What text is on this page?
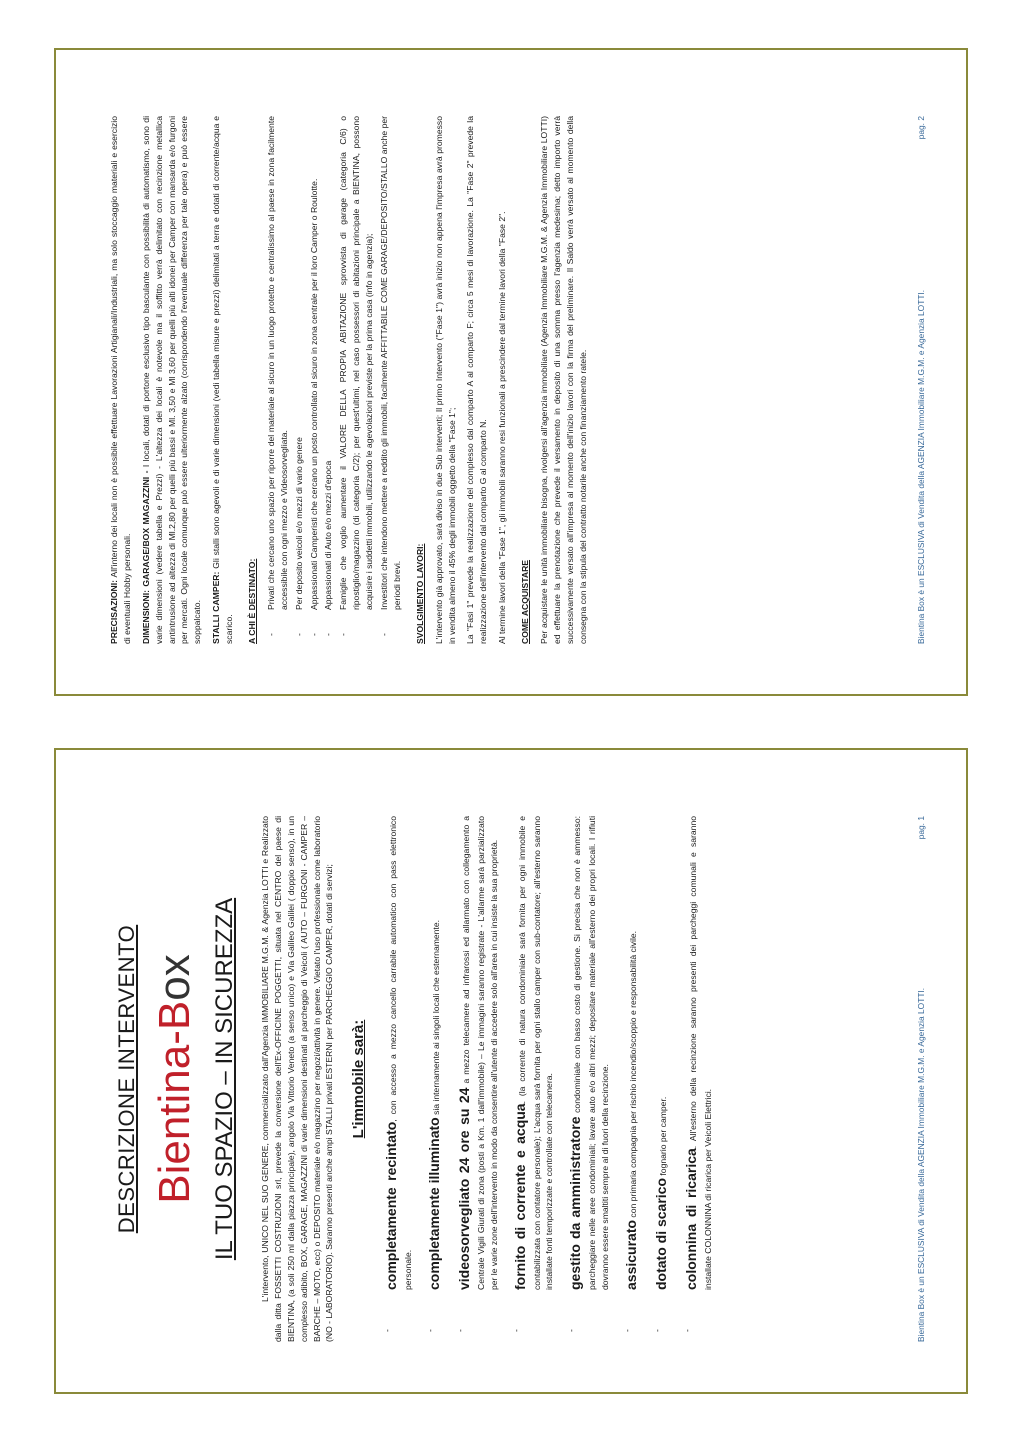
PRECISAZIONI: All'interno dei locali non è possibile effettuare Lavorazioni Artigianali/Industriali, ma solo stoccaggio materiali e esercizio di eventuali Hobby personali. DIMENSIONI: GARAGE/BOX MAGAZZINI - I locali, dotati di portone esclusivo tipo basculante con possibilità di automatismo, sono di varie dimensioni (vedere tabella e Prezzi) - L'altezza dei locali è notevole ma il soffitto verrà delimitato con recinzione metallica antintrusione ad altezza di Ml.2,80 per quelli più bassi e Ml. 3,50 e Ml 3,60 per quelli più alti idonei per Camper con mansarda e/o furgoni per mercati. Ogni locale comunque può essere ulteriormente alzato (corrispondendo l'eventuale differenza per tale opera) e può essere soppalcato. STALLI CAMPER: Gli stalli sono agevoli e di varie dimensioni (vedi tabella misure e prezzi) delimitati a terra e dotati di corrente/acqua e scarico. A CHI È DESTINATO: - Privati che cercano uno spazio per riporre del materiale al sicuro in un luogo protetto e centralissimo al paese in zona facilmente accessibile con ogni mezzo e Videosorvegliata. - Per deposito veicoli e/o mezzi di vario genere - Appassionati Camperisti che cercano un posto controllato al sicuro in zona centrale per il loro Camper o Roulotte. - Appassionati di Auto e/o mezzi d'epoca - Famiglie che voglio aumentare il VALORE DELLA PROPIA ABITAZIONE sprovvista di garage (categoria C/6) o ripostiglio/magazzino (di categoria C/2); per quest'ultimi, nel caso possessori di abitazioni principale a BIENTINA, possono acquisire i suddetti immobili, utilizzando le agevolazioni previste per la prima casa (info in agenzia); - Investitori che intendono mettere a reddito gli immobili, facilmente AFFITTABILE COME GARAGE/DEPOSITO/STALLO anche per periodi brevi. SVOLGIMENTO LAVORI: L'intervento già approvato, sarà diviso in due Sub interventi; Il primo Intervento ("Fase 1") avrà inizio non appena l'impresa avrà promesso in vendita almeno il 45% degli immobili oggetto della "Fase 1"; La "Fasi 1" prevede la realizzazione del complesso dal comparto A al comparto F; circa 5 mesi di lavorazione. La "Fase 2" prevede la realizzazione dell'intervento dal comparto G al comparto N. Al termine lavori della "Fase 1", gli immobili saranno resi funzionali a prescindere dal termine lavori della "Fase 2". COME ACQUISTARE Per acquistare le unità immobiliare bisogna, rivolgersi all'agenzia immobiliare (Agenzia Immobiliare M.G.M. & Agenzia Immobiliare LOTTI) ed effettuare la prenotazione che prevede il versamento in deposito di una somma presso l'agenzia medesima; detto importo verrà successivamente versato all'impresa al momento dell'inizio lavori con la firma del preliminare. Il Saldo verrà versato al momento della consegna con la stipula del contratto notarile anche con finanziamento ratele.	Bientina Box è un ESCLUSIVA di Vendita della AGENZIA Immobiliare M.G.M. e Agenzia LOTTI.
pag. 2
DESCRIZIONE INTERVENTO Bientina-Box IL TUO SPAZIO – IN SICUREZZA	L'intervento, UNICO NEL SUO GENERE, commercializzato dall'Agenzia IMMOBILIARE M.G.M. & Agenzia LOTTI e Realizzato dalla ditta FOSSETTI COSTRUZIONI srl, prevede la conversione dell'Ex-OFFICINE POGGETTI, situata nel CENTRO del paese di BIENTINA, (a soli 250 ml dalla piazza principale), angolo Via Vittorio Veneto (a senso unico) e Via Galileo Galilei ( doppio senso), in un complesso adibito, BOX, GARAGE, MAGAZZINI di varie dimensioni destinati al parcheggio di Veicoli ( AUTO – FURGONI - CAMPER – BARCHE – MOTO, ecc) o DEPOSITO materiale e/o magazzino per negozi/attività in genere. Vietato l'uso professionale come laboratorio (NO - LABORATORIO). Saranno presenti anche ampi STALLI privati ESTERNI per PARCHEGGIO CAMPER, dotati di servizi; L'immobile sarà:
- completamente recintato, con accesso a mezzo cancello carrabile automatico con pass elettronico personale. - completamente illuminato sia internamente ai singoli locali che esternamente.
- videosorvegliato 24 ore su 24 a mezzo telecamere ad infrarossi ed allarmato con collegamento a Centrale Vigili Giurati di zona (posti a Km. 1 dall'immobile) – Le immagini saranno registrate - L'allarme sarà parzializzato per le varie zone dell'intervento in modo da consentire all'utente di accedere solo all'area in cui insiste la sua proprietà. - fornito di corrente e acqua. (la corrente di natura condominiale sarà fornita per ogni immobile e contabilizzata con contatore personale); L'acqua sarà fornita per ogni stallo camper con sub-contatore; all'esterno saranno installate fonti temporizzate e controllate con telecamera. - gestito da amministratore condominiale con basso costo di gestione. Si precisa che non è ammesso: parcheggiare nelle aree condominiali; lavare auto e/o altri mezzi; depositare materiale all'esterno dei propri locali. I rifiuti dovranno essere smaltiti sempre al di fuori della recinzione. - assicurato con primaria compagnia per rischio incendio/scoppio e responsabilità civile.
- dotato di scarico fognario per camper.
- colonnina di ricarica. All'esterno della recinzione saranno presenti dei parcheggi comunali e saranno installate COLONNINA di ricarica per Veicoli Elettrici.	Bientina Box è un ESCLUSIVA di Vendita della AGENZIA Immobiliare M.G.M. e Agenzia LOTTI.
pag. 1
